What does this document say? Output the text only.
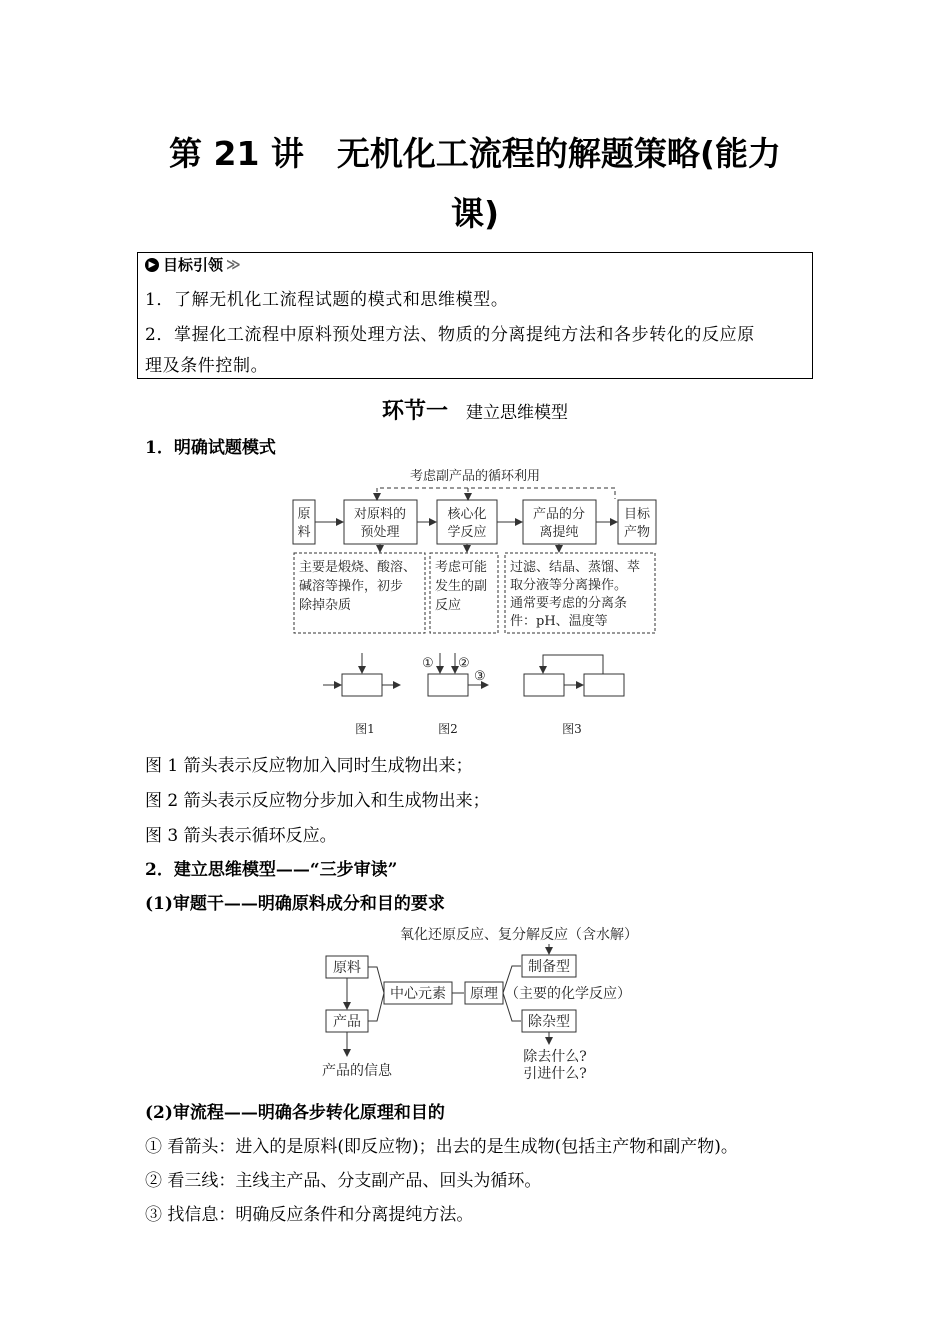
第 21 讲　无机化工流程的解题策略(能力
课)
▶ 目标引领 ≫
1．了解无机化工流程试题的模式和思维模型。
2．掌握化工流程中原料预处理方法、物质的分离提纯方法和各步转化的反应原
理及条件控制。
环节一 建立思维模型
1．明确试题模式
考虑副产品的循环利用
原
料
对原料的
预处理
核心化
学反应
产品的分
离提纯
目标
产物
主要是煅烧、酸溶、
碱溶等操作，初步
除掉杂质
考虑可能
发生的副
反应
过滤、结晶、蒸馏、萃
取分液等分离操作。
通常要考虑的分离条
件：pH、温度等
① ②
③
图1	图2	图3
图 1 箭头表示反应物加入同时生成物出来；
图 2 箭头表示反应物分步加入和生成物出来；
图 3 箭头表示循环反应。
2．建立思维模型——“三步审读”
(1)审题干——明确原料成分和目的要求
氧化还原反应、复分解反应（含水解）
原料
产品
中心元素 原理
制备型
（主要的化学反应）
除杂型
产品的信息
除去什么?
引进什么?
(2)审流程——明确各步转化原理和目的
① 看箭头：进入的是原料(即反应物)；出去的是生成物(包括主产物和副产物)。
② 看三线：主线主产品、分支副产品、回头为循环。
③ 找信息：明确反应条件和分离提纯方法。
